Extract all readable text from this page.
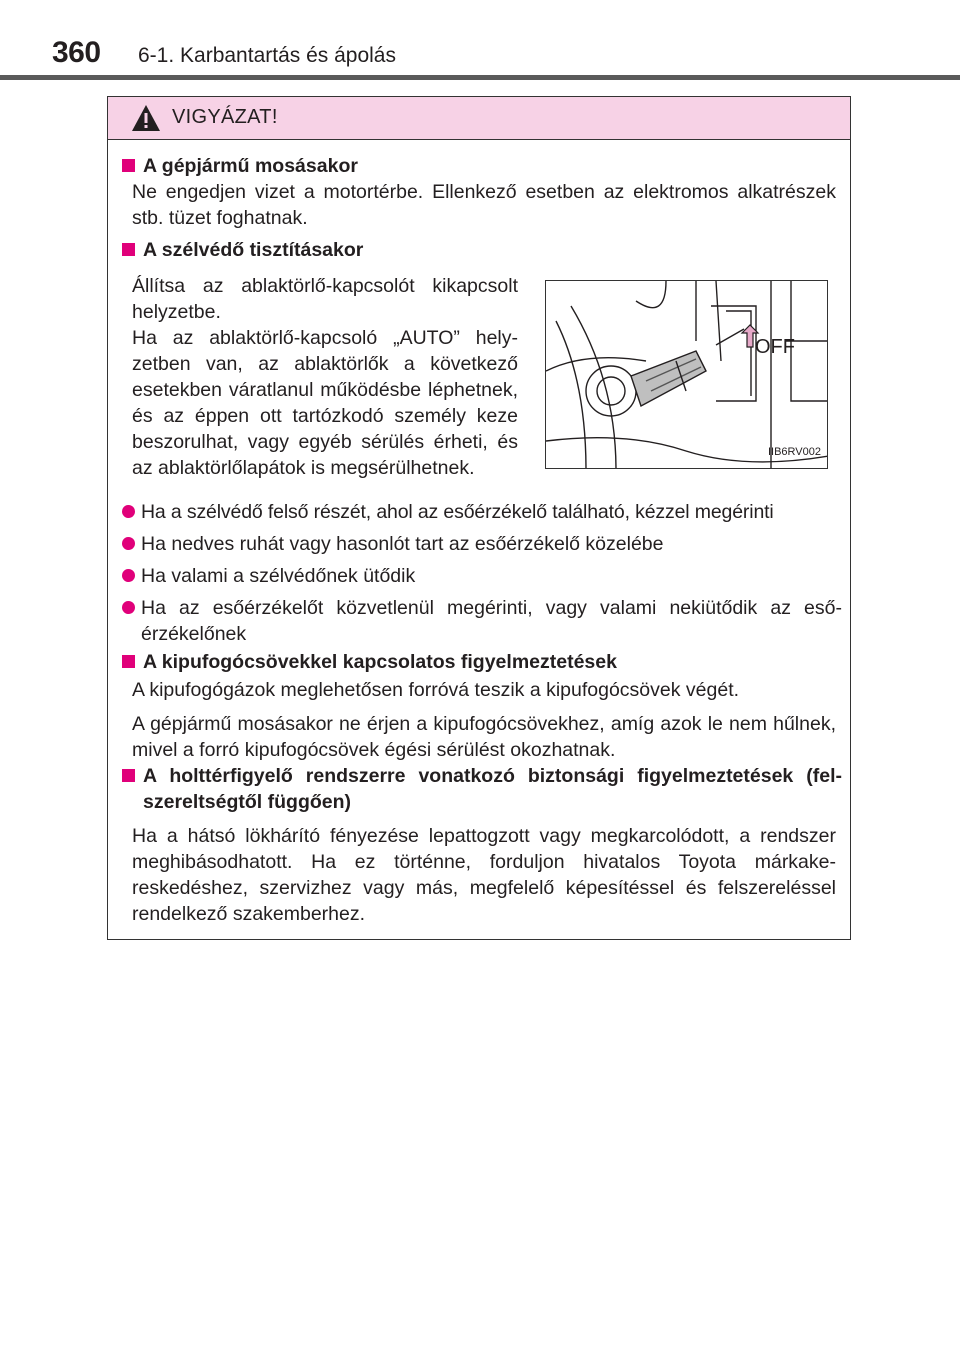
360 6-1. Karbantartás és ápolás
VIGYÁZAT!
A gépjármű mosásakor
Ne engedjen vizet a motortérbe. Ellenkező esetben az elektromos alkatrészek stb. tüzet foghatnak.
A szélvédő tisztításakor
Állítsa az ablaktörlő-kapcsolót kikapcsolt helyzetbe.
Ha az ablaktörlő-kapcsoló „AUTO” helyzetben van, az ablaktörlők a következő esetekben váratlanul működésbe léphetnek, és az éppen ott tartózkodó személy keze beszorulhat, vagy egyéb sérülés érheti, és az ablaktörlőlapátok is megsérülhetnek.
OFF
IIB6RV002
Ha a szélvédő felső részét, ahol az esőérzékelő található, kézzel megérinti
Ha nedves ruhát vagy hasonlót tart az esőérzékelő közelébe
Ha valami a szélvédőnek ütődik
Ha az esőérzékelőt közvetlenül megérinti, vagy valami nekiütődik az esőérzékelőnek
A kipufogócsövekkel kapcsolatos figyelmeztetések
A kipufogógázok meglehetősen forróvá teszik a kipufogócsövek végét.
A gépjármű mosásakor ne érjen a kipufogócsövekhez, amíg azok le nem hűlnek, mivel a forró kipufogócsövek égési sérülést okozhatnak.
A holttérfigyelő rendszerre vonatkozó biztonsági figyelmeztetések (felszereltségtől függően)
Ha a hátsó lökhárító fényezése lepattogzott vagy megkarcolódott, a rendszer meghibásodhatott. Ha ez történne, forduljon hivatalos Toyota márkakereskedéshez, szervizhez vagy más, megfelelő képesítéssel és felszereléssel rendelkező szakemberhez.
